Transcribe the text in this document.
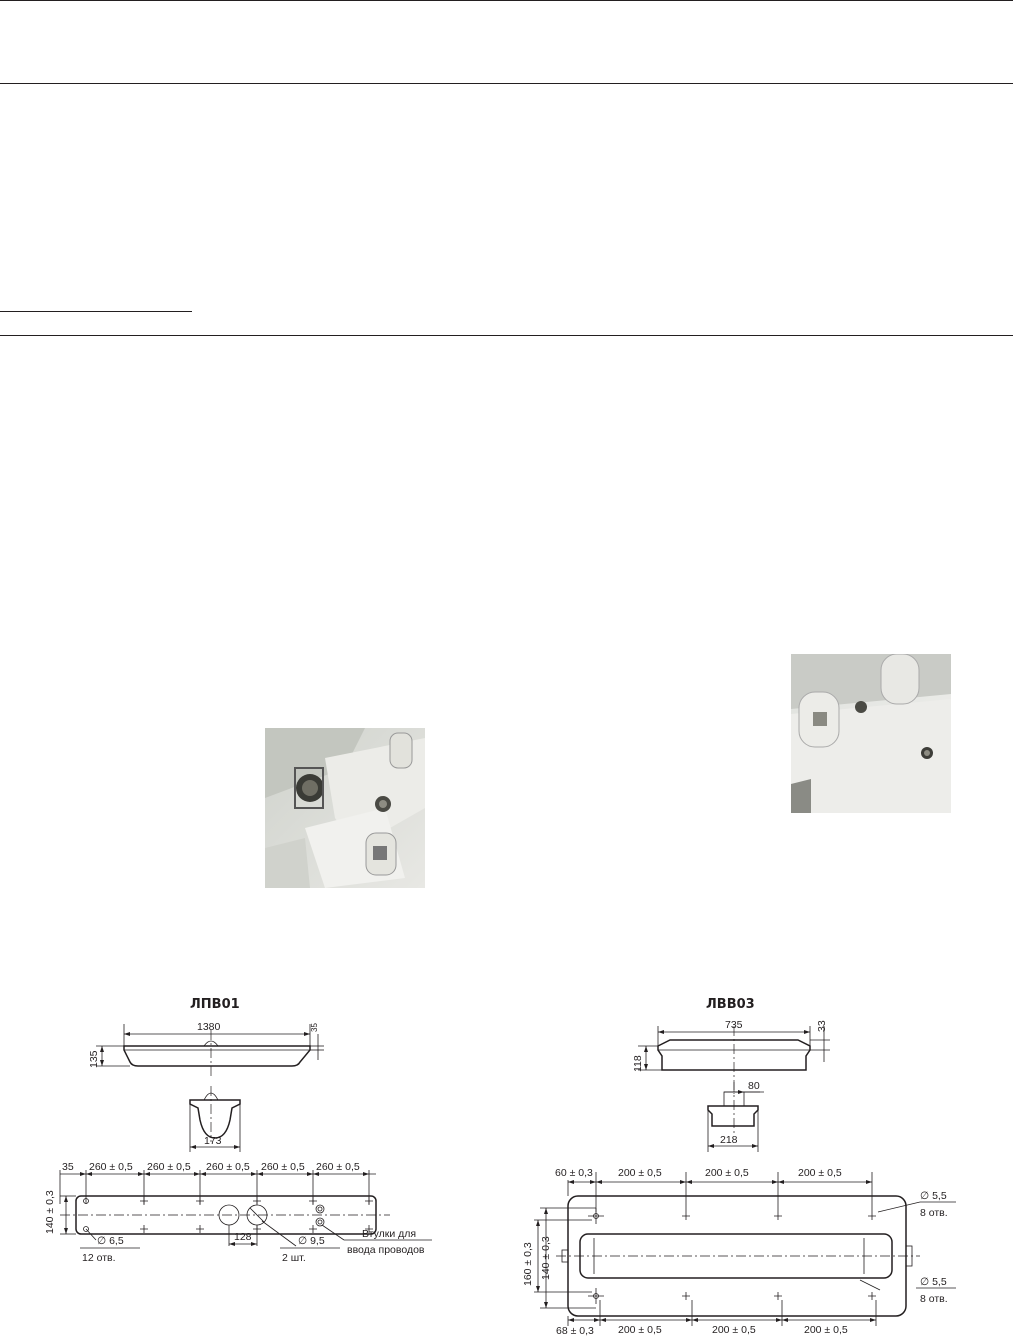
ЛПВ01
1380	35
135
173
35 260 ± 0,5 260 ± 0,5 260 ± 0,5 260 ± 0,5 260 ± 0,5
140 ± 0,3
∅ 6,5
12 отв.
128	∅ 9,5
2 шт.
Втулки для
ввода проводов
ЛВВ03
735	33
118
80
218
60 ± 0,3 200 ± 0,5	200 ± 0,5	200 ± 0,5
∅ 5,5
8 отв.
∅ 5,5
8 отв.
160 ± 0,3 140 ± 0,3
68 ± 0,3 200 ± 0,5	200 ± 0,5	200 ± 0,5
